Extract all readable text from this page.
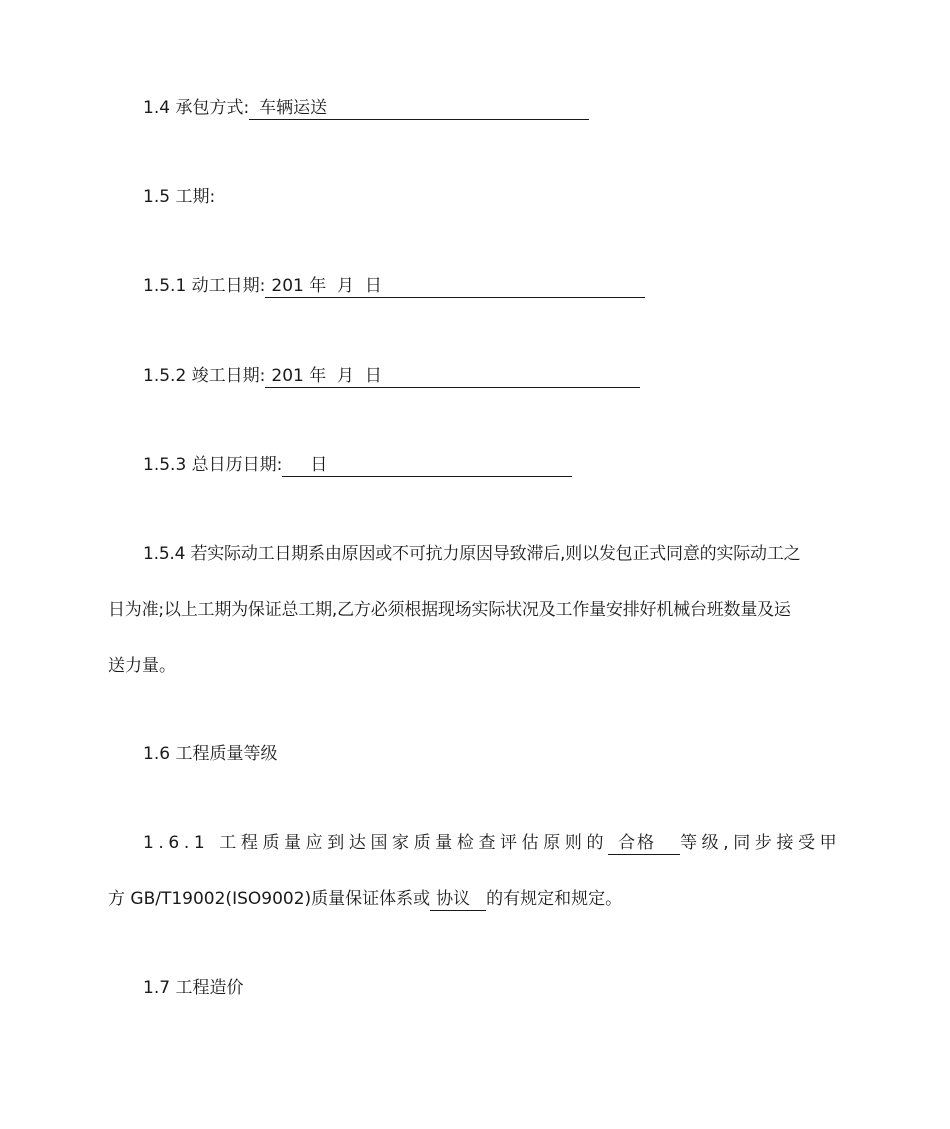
1.4 承包方式: 车辆运送
1.5 工期:
1.5.1 动工日期: 201 年  月  日
1.5.2 竣工日期: 201 年  月  日
1.5.3 总日历日期: 日
1.5.4 若实际动工日期系由原因或不可抗力原因导致滞后,则以发包正式同意的实际动工之
日为准;以上工期为保证总工期,乙方必须根据现场实际状况及工作量安排好机械台班数量及运
送力量。
1.6 工程质量等级
1.6.1 工程质量应到达国家质量检查评估原则的 合格 等级,同步接受甲
方 GB/T19002(ISO9002)质量保证体系或 协议 的有规定和规定。
1.7 工程造价
